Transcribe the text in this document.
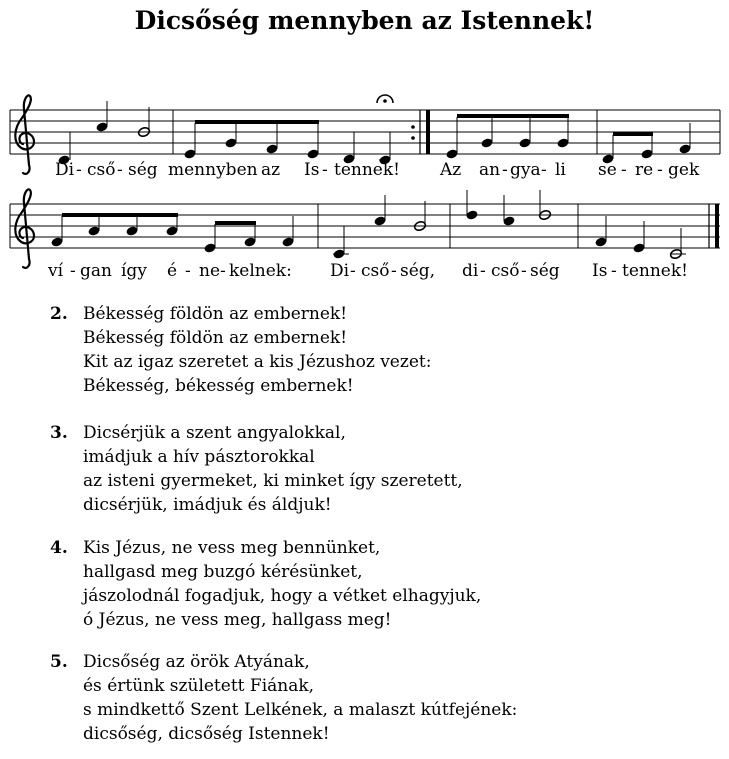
Dicsőség mennyben az Istennek!
Di - cső - ség mennyben az Is - tennek! Az an - gya - li se - re - gek
ví - gan így é - ne - kelnek: Di - cső - ség, di - cső - ség Is - tennek!
2. Békesség földön az embernek!
Békesség földön az embernek!
Kit az igaz szeretet a kis Jézushoz vezet:
Békesség, békesség embernek!
3. Dicsérjük a szent angyalokkal,
imádjuk a hív pásztorokkal
az isteni gyermeket, ki minket így szeretett,
dicsérjük, imádjuk és áldjuk!
4. Kis Jézus, ne vess meg bennünket,
hallgasd meg buzgó kérésünket,
jászolodnál fogadjuk, hogy a vétket elhagyjuk,
ó Jézus, ne vess meg, hallgass meg!
5. Dicsőség az örök Atyának,
és értünk született Fiának,
s mindkettő Szent Lelkének, a malaszt kútfejének:
dicsőség, dicsőség Istennek!
